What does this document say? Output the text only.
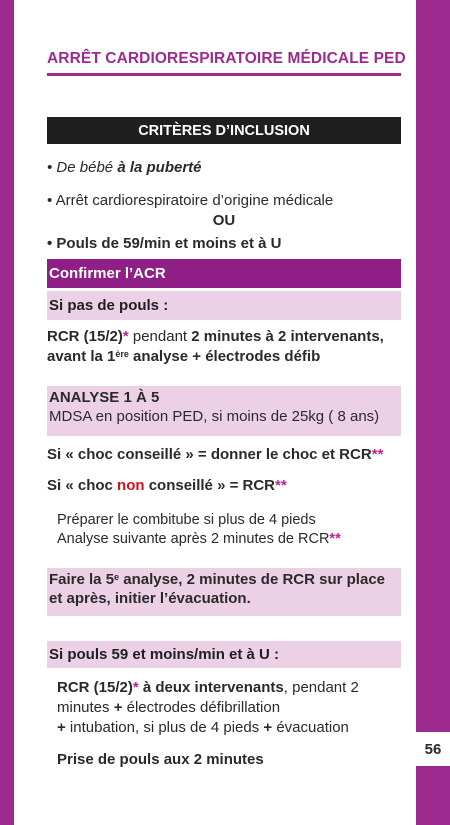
56
ARRÊT CARDIORESPIRATOIRE MÉDICALE PED
CRITÈRES D’INCLUSION
• De bébé à la puberté
• Arrêt cardiorespiratoire d’origine médicale
OU
• Pouls de 59/min et moins et à U
Confirmer l’ACR
Si pas de pouls :
RCR (15/2)* pendant 2 minutes à 2 intervenants,
avant la 1ère analyse + électrodes défib
ANALYSE 1 À 5
MDSA en position PED, si moins de 25kg ( 8 ans)
Si « choc conseillé » = donner le choc et RCR**
Si « choc non conseillé » = RCR**
Préparer le combitube si plus de 4 pieds
Analyse suivante après 2 minutes de RCR**
Faire la 5e analyse, 2 minutes de RCR sur place
et après, initier l’évacuation.
Si pouls 59 et moins/min et à U :
RCR (15/2)* à deux intervenants, pendant 2
minutes + électrodes défibrillation
+ intubation, si plus de 4 pieds + évacuation
Prise de pouls aux 2 minutes
